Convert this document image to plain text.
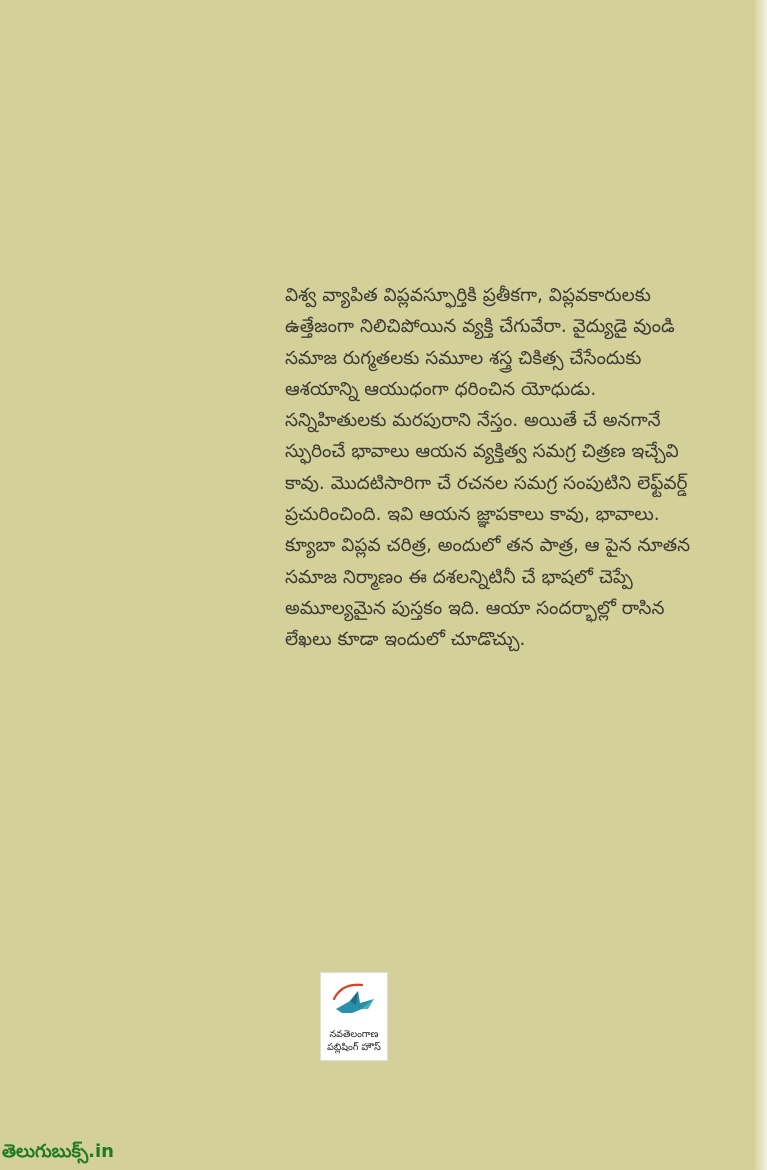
విశ్వ వ్యాపిత విప్లవస్ఫూర్తికి ప్రతీకగా, విప్లవకారులకు
ఉత్తేజంగా నిలిచిపోయిన వ్యక్తి చేగువేరా. వైద్యుడై వుండి
సమాజ రుగ్మతలకు సమూల శస్త్ర చికిత్స చేసేందుకు
ఆశయాన్ని ఆయుధంగా ధరించిన యోధుడు.
సన్నిహితులకు మరపురాని నేస్తం. అయితే చే అనగానే
స్ఫురించే భావాలు ఆయన వ్యక్తిత్వ సమగ్ర చిత్రణ ఇచ్చేవి
కావు. మొదటిసారిగా చే రచనల సమగ్ర సంపుటిని లెఫ్ట్‌వర్డ్
ప్రచురించింది. ఇవి ఆయన జ్ఞాపకాలు కావు, భావాలు.
క్యూబా విప్లవ చరిత్ర, అందులో తన పాత్ర, ఆ పైన నూతన
సమాజ నిర్మాణం ఈ దశలన్నిటినీ చే భాషలో చెప్పే
అమూల్యమైన పుస్తకం ఇది. ఆయా సందర్భాల్లో రాసిన
లేఖలు కూడా ఇందులో చూడొచ్చు.
నవతెలంగాణ
పబ్లిషింగ్ హౌస్
తెలుగుబుక్స్.in
